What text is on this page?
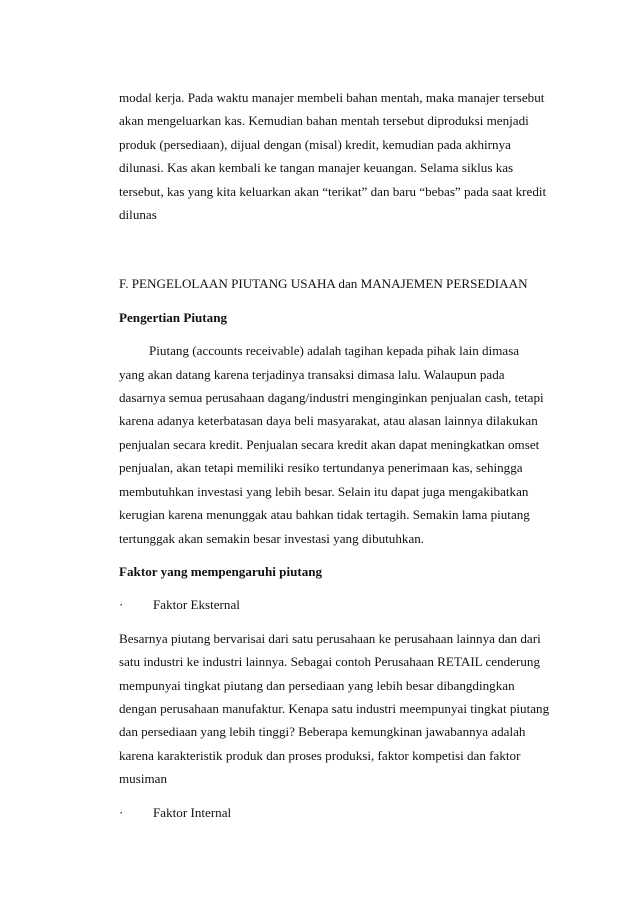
modal kerja. Pada waktu manajer membeli bahan mentah, maka manajer tersebut
akan mengeluarkan kas. Kemudian bahan mentah tersebut diproduksi menjadi
produk (persediaan), dijual dengan (misal) kredit, kemudian pada akhirnya
dilunasi. Kas akan kembali ke tangan manajer keuangan. Selama siklus kas
tersebut, kas yang kita keluarkan akan “terikat” dan baru “bebas” pada saat kredit
dilunas

F. PENGELOLAAN PIUTANG USAHA dan MANAJEMEN PERSEDIAAN

Pengertian Piutang

Piutang (accounts receivable) adalah tagihan kepada pihak lain dimasa
yang akan datang karena terjadinya transaksi dimasa lalu. Walaupun pada
dasarnya semua perusahaan dagang/industri menginginkan penjualan cash, tetapi
karena adanya keterbatasan daya beli masyarakat, atau alasan lainnya dilakukan
penjualan secara kredit. Penjualan secara kredit akan dapat meningkatkan omset
penjualan, akan tetapi memiliki resiko tertundanya penerimaan kas, sehingga
membutuhkan investasi yang lebih besar. Selain itu dapat juga mengakibatkan
kerugian karena menunggak atau bahkan tidak tertagih. Semakin lama piutang
tertunggak akan semakin besar investasi yang dibutuhkan.

Faktor yang mempengaruhi piutang

·	Faktor Eksternal

Besarnya piutang bervarisai dari satu perusahaan ke perusahaan lainnya dan dari
satu industri ke industri lainnya. Sebagai contoh Perusahaan RETAIL cenderung
mempunyai tingkat piutang dan persediaan yang lebih besar dibangdingkan
dengan perusahaan manufaktur. Kenapa satu industri meempunyai tingkat piutang
dan persediaan yang lebih tinggi? Beberapa kemungkinan jawabannya adalah
karena karakteristik produk dan proses produksi, faktor kompetisi dan faktor
musiman

·	Faktor Internal
